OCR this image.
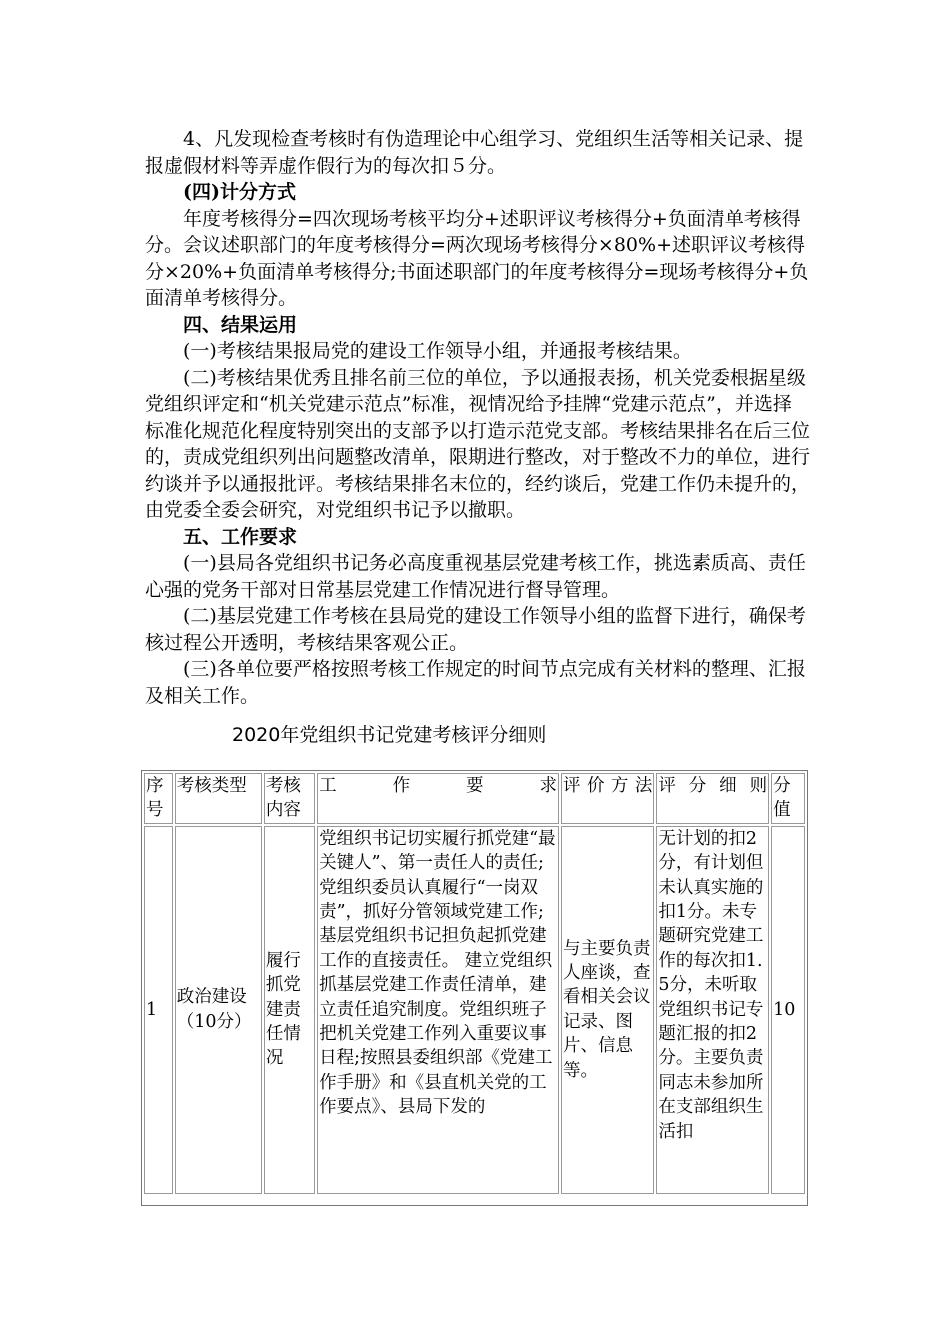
4、凡发现检查考核时有伪造理论中心组学习、党组织生活等相关记录、提报虚假材料等弄虚作假行为的每次扣５分。

(四)计分方式

年度考核得分=四次现场考核平均分+述职评议考核得分+负面清单考核得分。会议述职部门的年度考核得分=两次现场考核得分×80%+述职评议考核得分×20%+负面清单考核得分;书面述职部门的年度考核得分=现场考核得分+负面清单考核得分。

四、结果运用

(一)考核结果报局党的建设工作领导小组，并通报考核结果。

(二)考核结果优秀且排名前三位的单位，予以通报表扬，机关党委根据星级党组织评定和“机关党建示范点”标准，视情况给予挂牌“党建示范点”，并选择标准化规范化程度特别突出的支部予以打造示范党支部。考核结果排名在后三位的，责成党组织列出问题整改清单，限期进行整改，对于整改不力的单位，进行约谈并予以通报批评。考核结果排名末位的，经约谈后，党建工作仍未提升的，由党委全委会研究，对党组织书记予以撤职。

五、工作要求

(一)县局各党组织书记务必高度重视基层党建考核工作，挑选素质高、责任心强的党务干部对日常基层党建工作情况进行督导管理。

(二)基层党建工作考核在县局党的建设工作领导小组的监督下进行，确保考核过程公开透明，考核结果客观公正。

(三)各单位要严格按照考核工作规定的时间节点完成有关材料的整理、汇报及相关工作。

2020年党组织书记党建考核评分细则
序号	考核类型	考核内容	工作要求	评价方法	评分细则	分值
1	政治建设（10分）	履行抓党建责任情况	党组织书记切实履行抓党建“最关键人”、第一责任人的责任;党组织委员认真履行“一岗双责”，抓好分管领域党建工作;基层党组织书记担负起抓党建工作的直接责任。 建立党组织抓基层党建工作责任清单，建立责任追究制度。党组织班子把机关党建工作列入重要议事日程;按照县委组织部《党建工作手册》和《县直机关党的工作要点》、县局下发的	与主要负责人座谈，查看相关会议记录、图片、信息等。	无计划的扣2分，有计划但未认真实施的扣1分。未专题研究党建工作的每次扣1.5分，未听取党组织书记专题汇报的扣2分。主要负责同志未参加所在支部组织生活扣	10
